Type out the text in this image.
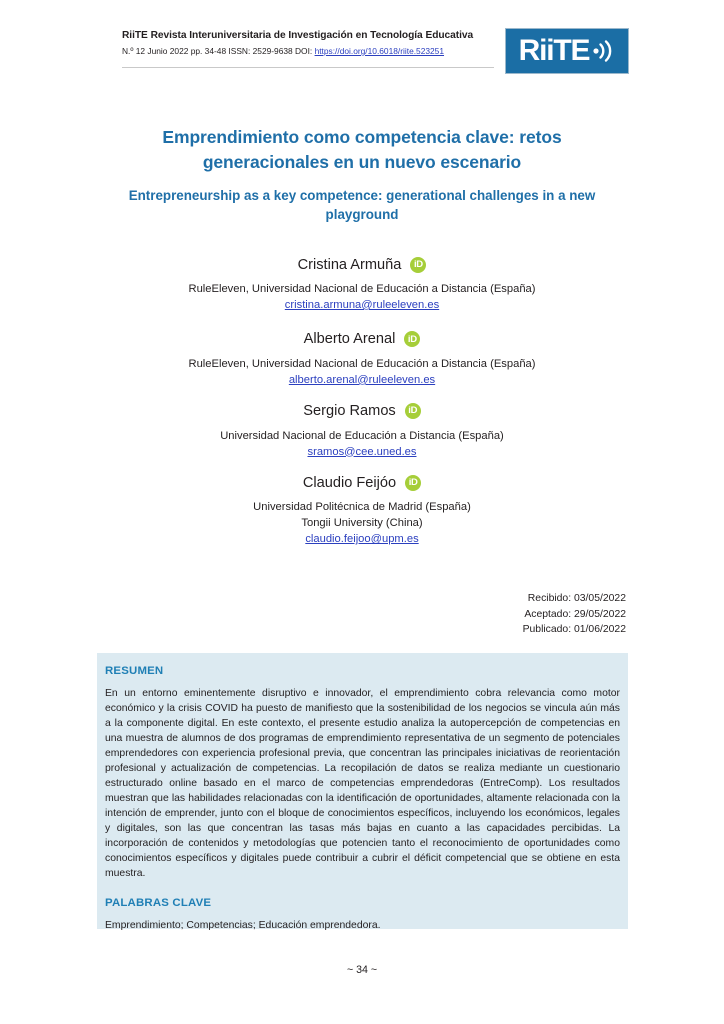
RiiTE Revista Interuniversitaria de Investigación en Tecnología Educativa
N.º 12 Junio 2022 pp. 34-48 ISSN: 2529-9638 DOI: https://doi.org/10.6018/riite.523251	RiiTE
Emprendimiento como competencia clave: retos generacionales en un nuevo escenario
Entrepreneurship as a key competence: generational challenges in a new playground
Cristina Armuña	iD
RuleEleven, Universidad Nacional de Educación a Distancia (España)
cristina.armuna@ruleeleven.es
Alberto Arenal	iD
RuleEleven, Universidad Nacional de Educación a Distancia (España)
alberto.arenal@ruleeleven.es
Sergio Ramos	iD
Universidad Nacional de Educación a Distancia (España)
sramos@cee.uned.es
Claudio Feijóo	iD
Universidad Politécnica de Madrid (España)
Tongii University (China)
claudio.feijoo@upm.es
Recibido: 03/05/2022
Aceptado: 29/05/2022
Publicado: 01/06/2022
RESUMEN

En un entorno eminentemente disruptivo e innovador, el emprendimiento cobra relevancia como motor económico y la crisis COVID ha puesto de manifiesto que la sostenibilidad de los negocios se vincula aún más a la componente digital. En este contexto, el presente estudio analiza la autopercepción de competencias en una muestra de alumnos de dos programas de emprendimiento representativa de un segmento de potenciales emprendedores con experiencia profesional previa, que concentran las principales iniciativas de reorientación profesional y actualización de competencias. La recopilación de datos se realiza mediante un cuestionario estructurado online basado en el marco de competencias emprendedoras (EntreComp). Los resultados muestran que las habilidades relacionadas con la identificación de oportunidades, altamente relacionada con la intención de emprender, junto con el bloque de conocimientos específicos, incluyendo los económicos, legales y digitales, son las que concentran las tasas más bajas en cuanto a las capacidades percibidas. La incorporación de contenidos y metodologías que potencien tanto el reconocimiento de oportunidades como conocimientos específicos y digitales puede contribuir a cubrir el déficit competencial que se obtiene en esta muestra.

PALABRAS CLAVE

Emprendimiento; Competencias; Educación emprendedora.

~ 34 ~
